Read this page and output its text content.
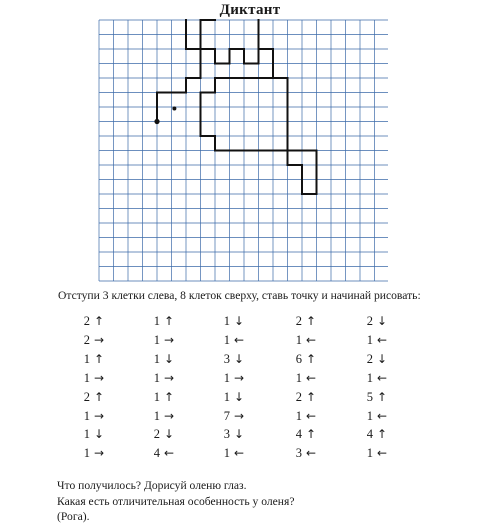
Диктант
Отступи 3 клетки слева, 8 клеток сверху, ставь точку и начинай рисовать:
2 ↑
2 →
1 ↑
1 →
2 ↑
1 →
1 ↓
1 →
1 ↑
1 →
1 ↓
1 →
1 ↑
1 →
2 ↓
4 ←
1 ↓
1 ←
3 ↓
1 →
1 ↓
7 →
3 ↓
1 ←
2 ↑
1 ←
6 ↑
1 ←
2 ↑
1 ←
4 ↑
3 ←
2 ↓
1 ←
2 ↓
1 ←
5 ↑
1 ←
4 ↑
1 ←
Что получилось? Дорисуй оленю глаз.
Какая есть отличительная особенность у оленя?
(Рога).
